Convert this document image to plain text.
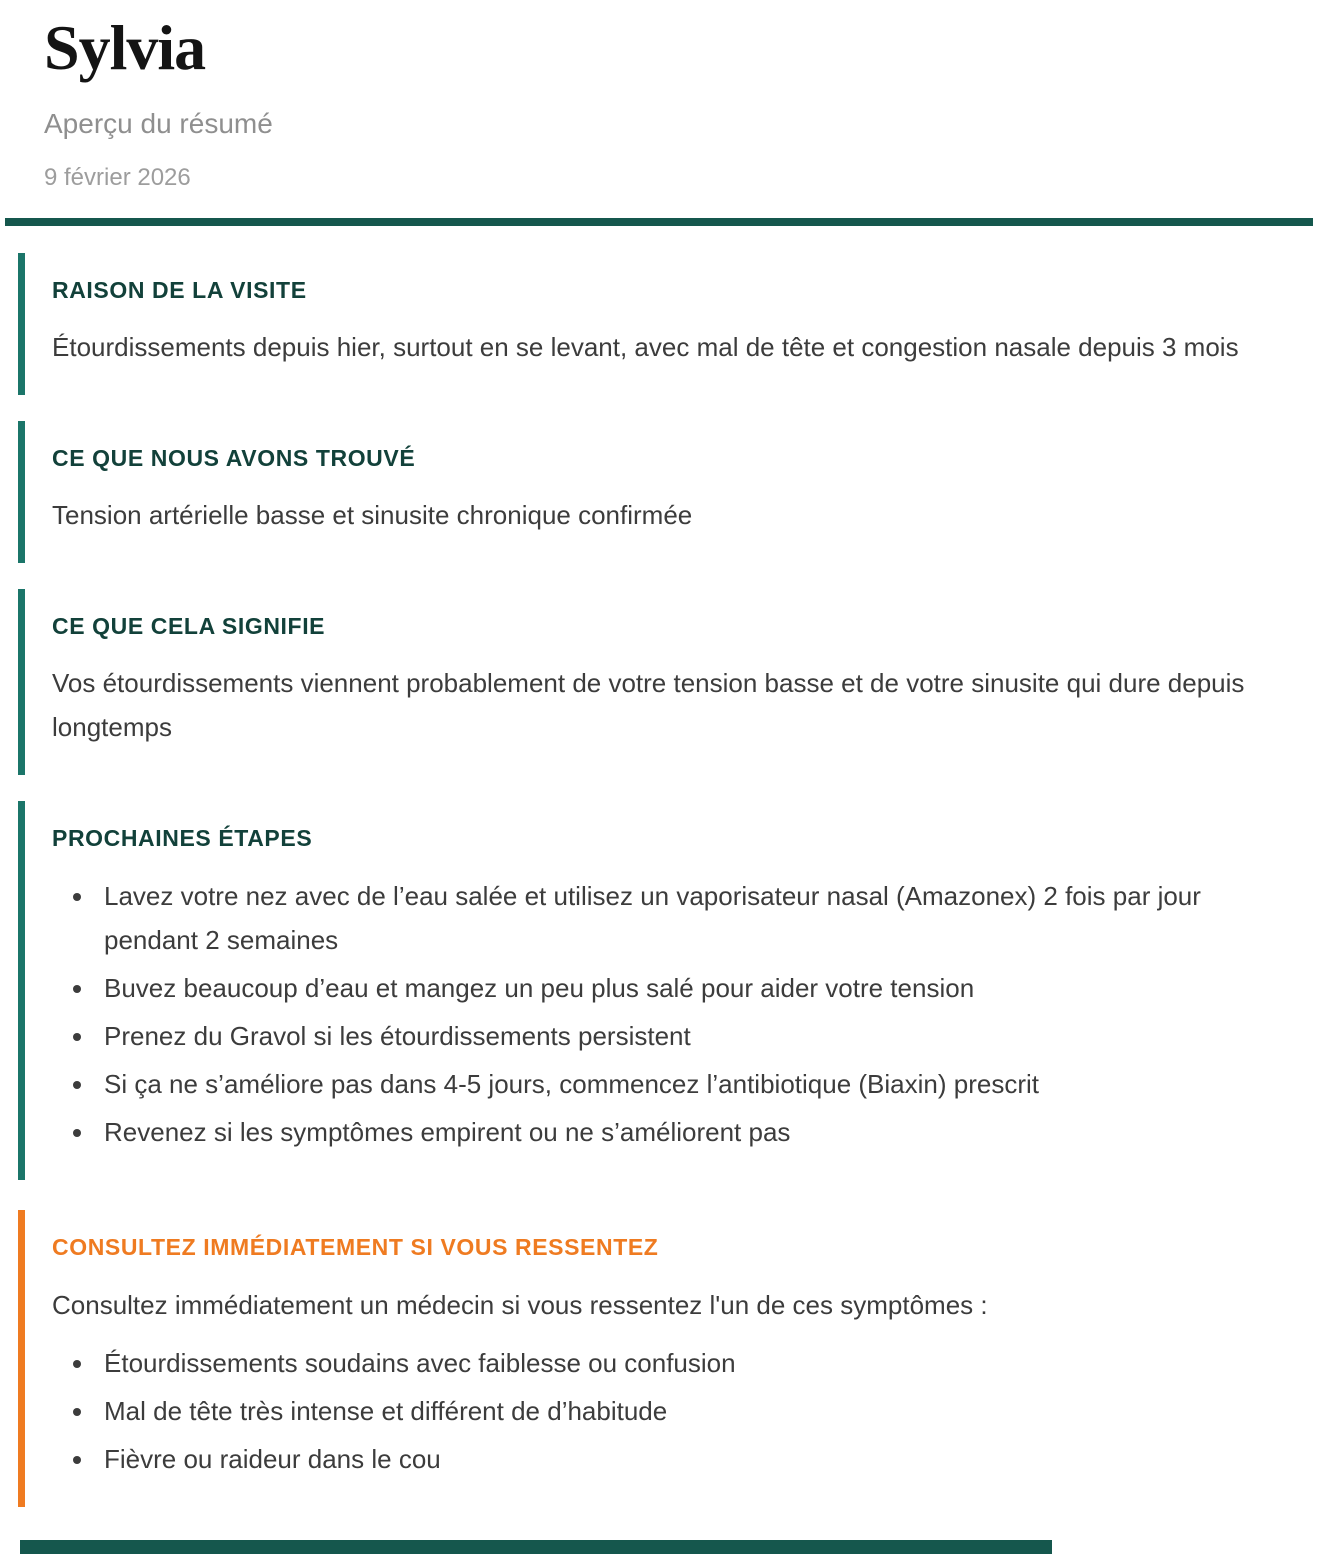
Sylvia
Aperçu du résumé
9 février 2026
RAISON DE LA VISITE
Étourdissements depuis hier, surtout en se levant, avec mal de tête et congestion nasale depuis 3 mois
CE QUE NOUS AVONS TROUVÉ
Tension artérielle basse et sinusite chronique confirmée
CE QUE CELA SIGNIFIE
Vos étourdissements viennent probablement de votre tension basse et de votre sinusite qui dure depuis longtemps
PROCHAINES ÉTAPES
• Lavez votre nez avec de l’eau salée et utilisez un vaporisateur nasal (Amazonex) 2 fois par jour pendant 2 semaines
• Buvez beaucoup d’eau et mangez un peu plus salé pour aider votre tension
• Prenez du Gravol si les étourdissements persistent
• Si ça ne s’améliore pas dans 4-5 jours, commencez l’antibiotique (Biaxin) prescrit
• Revenez si les symptômes empirent ou ne s’améliorent pas
CONSULTEZ IMMÉDIATEMENT SI VOUS RESSENTEZ
Consultez immédiatement un médecin si vous ressentez l'un de ces symptômes :
• Étourdissements soudains avec faiblesse ou confusion
• Mal de tête très intense et différent de d’habitude
• Fièvre ou raideur dans le cou
